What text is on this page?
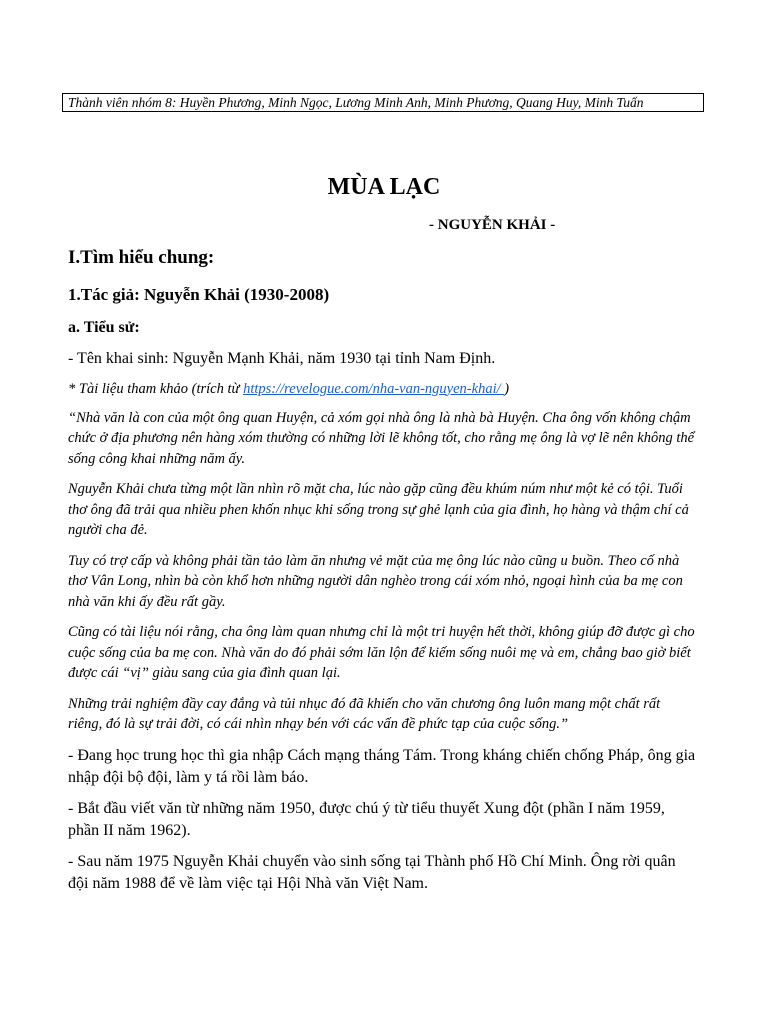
Thành viên nhóm 8: Huyền Phương, Minh Ngọc, Lương Minh Anh, Minh Phương, Quang Huy, Minh Tuấn
MÙA LẠC
- NGUYỄN KHẢI -
I.Tìm hiểu chung:
1.Tác giả: Nguyễn Khải (1930-2008)
a. Tiểu sử:
- Tên khai sinh: Nguyễn Mạnh Khải, năm 1930 tại tỉnh Nam Định.
* Tài liệu tham khảo (trích từ https://revelogue.com/nha-van-nguyen-khai/ )
“Nhà văn là con của một ông quan Huyện, cả xóm gọi nhà ông là nhà bà Huyện. Cha ông vốn không chậm chức ở địa phương nên hàng xóm thường có những lời lẽ không tốt, cho rằng mẹ ông là vợ lẽ nên không thể sống công khai những năm ấy.
Nguyễn Khải chưa từng một lần nhìn rõ mặt cha, lúc nào gặp cũng đều khúm núm như một kẻ có tội. Tuổi thơ ông đã trải qua nhiều phen khốn nhục khi sống trong sự ghẻ lạnh của gia đình, họ hàng và thậm chí cả người cha đẻ.
Tuy có trợ cấp và không phải tần tảo làm ăn nhưng vẻ mặt của mẹ ông lúc nào cũng u buồn. Theo cố nhà thơ Vân Long, nhìn bà còn khổ hơn những người dân nghèo trong cái xóm nhỏ, ngoại hình của ba mẹ con nhà văn khi ấy đều rất gầy.
Cũng có tài liệu nói rằng, cha ông làm quan nhưng chỉ là một tri huyện hết thời, không giúp đỡ được gì cho cuộc sống của ba mẹ con. Nhà văn do đó phải sớm lăn lộn để kiếm sống nuôi mẹ và em, chẳng bao giờ biết được cái “vị” giàu sang của gia đình quan lại.
Những trải nghiệm đầy cay đắng và tủi nhục đó đã khiến cho văn chương ông luôn mang một chất rất riêng, đó là sự trải đời, có cái nhìn nhạy bén với các vấn đề phức tạp của cuộc sống.”
- Đang học trung học thì gia nhập Cách mạng tháng Tám. Trong kháng chiến chống Pháp, ông gia nhập đội bộ đội, làm y tá rồi làm báo.
- Bắt đầu viết văn từ những năm 1950, được chú ý từ tiểu thuyết Xung đột (phần I năm 1959, phần II năm 1962).
- Sau năm 1975 Nguyễn Khải chuyển vào sinh sống tại Thành phố Hồ Chí Minh. Ông rời quân đội năm 1988 để về làm việc tại Hội Nhà văn Việt Nam.
